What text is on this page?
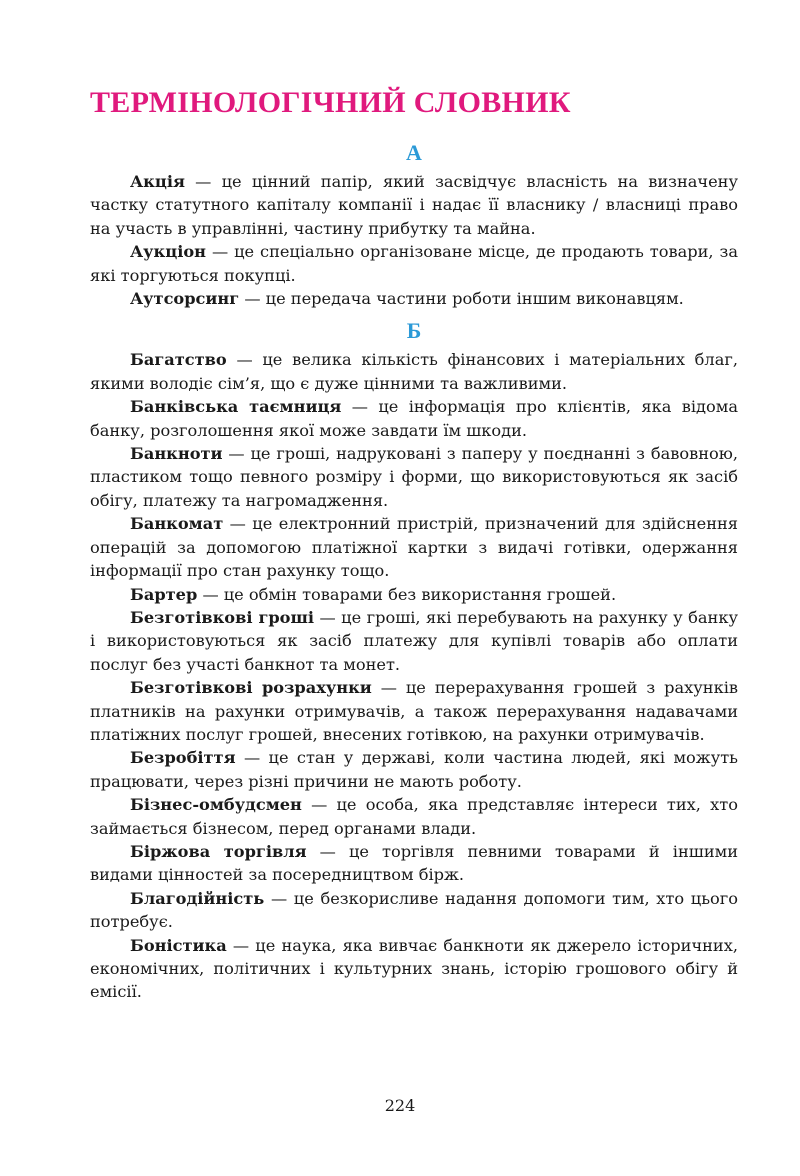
ТЕРМІНОЛОГІЧНИЙ СЛОВНИК
А

Акція — це цінний папір, який засвідчує власність на визначену частку статутного капіталу компанії і надає її власнику / власниці право на участь в управлінні, частину прибутку та майна.

Аукціон — це спеціально організоване місце, де продають товари, за які торгуються покупці.

Аутсорсинг — це передача частини роботи іншим виконавцям.

Б

Багатство — це велика кількість фінансових і матеріальних благ, якими володіє сім’я, що є дуже цінними та важливими.

Банківська таємниця — це інформація про клієнтів, яка відома банку, розголошення якої може завдати їм шкоди.

Банкноти — це гроші, надруковані з паперу у поєднанні з бавовною, пластиком тощо певного розміру і форми, що використовуються як засіб обігу, платежу та нагромадження.

Банкомат — це електронний пристрій, призначений для здійснення операцій за допомогою платіжної картки з видачі готівки, одержання інформації про стан рахунку тощо.

Бартер — це обмін товарами без використання грошей.

Безготівкові гроші — це гроші, які перебувають на рахунку у банку і використовуються як засіб платежу для купівлі товарів або оплати послуг без участі банкнот та монет.

Безготівкові розрахунки — це перерахування грошей з рахунків платників на рахунки отримувачів, а також перерахування надавачами платіжних послуг грошей, внесених готівкою, на рахунки отримувачів.

Безробіття — це стан у державі, коли частина людей, які можуть працювати, через різні причини не мають роботу.

Бізнес-омбудсмен — це особа, яка представляє інтереси тих, хто займається бізнесом, перед органами влади.

Біржова торгівля — це торгівля певними товарами й іншими видами цінностей за посередництвом бірж.

Благодійність — це безкорисливе надання допомоги тим, хто цього потребує.

Боністика — це наука, яка вивчає банкноти як джерело історичних, економічних, політичних і культурних знань, історію грошового обігу й емісії.

224
